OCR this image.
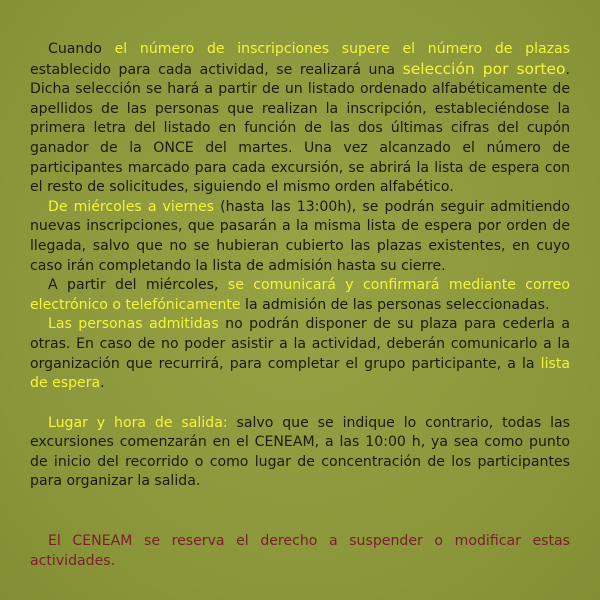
Cuando el número de inscripciones supere el número de plazas establecido para cada actividad, se realizará una selección por sorteo. Dicha selección se hará a partir de un listado ordenado alfabéticamente de apellidos de las personas que realizan la inscripción, estableciéndose la primera letra del listado en función de las dos últimas cifras del cupón ganador de la ONCE del martes. Una vez alcanzado el número de participantes marcado para cada excursión, se abrirá la lista de espera con el resto de solicitudes, siguiendo el mismo orden alfabético.

De miércoles a viernes (hasta las 13:00h), se podrán seguir admitiendo nuevas inscripciones, que pasarán a la misma lista de espera por orden de llegada, salvo que no se hubieran cubierto las plazas existentes, en cuyo caso irán completando la lista de admisión hasta su cierre.

A partir del miércoles, se comunicará y confirmará mediante correo electrónico o telefónicamente la admisión de las personas seleccionadas.

Las personas admitidas no podrán disponer de su plaza para cederla a otras. En caso de no poder asistir a la actividad, deberán comunicarlo a la organización que recurrirá, para completar el grupo participante, a la lista de espera.

Lugar y hora de salida: salvo que se indique lo contrario, todas las excursiones comenzarán en el CENEAM, a las 10:00 h, ya sea como punto de inicio del recorrido o como lugar de concentración de los participantes para organizar la salida.

El CENEAM se reserva el derecho a suspender o modificar estas actividades.
